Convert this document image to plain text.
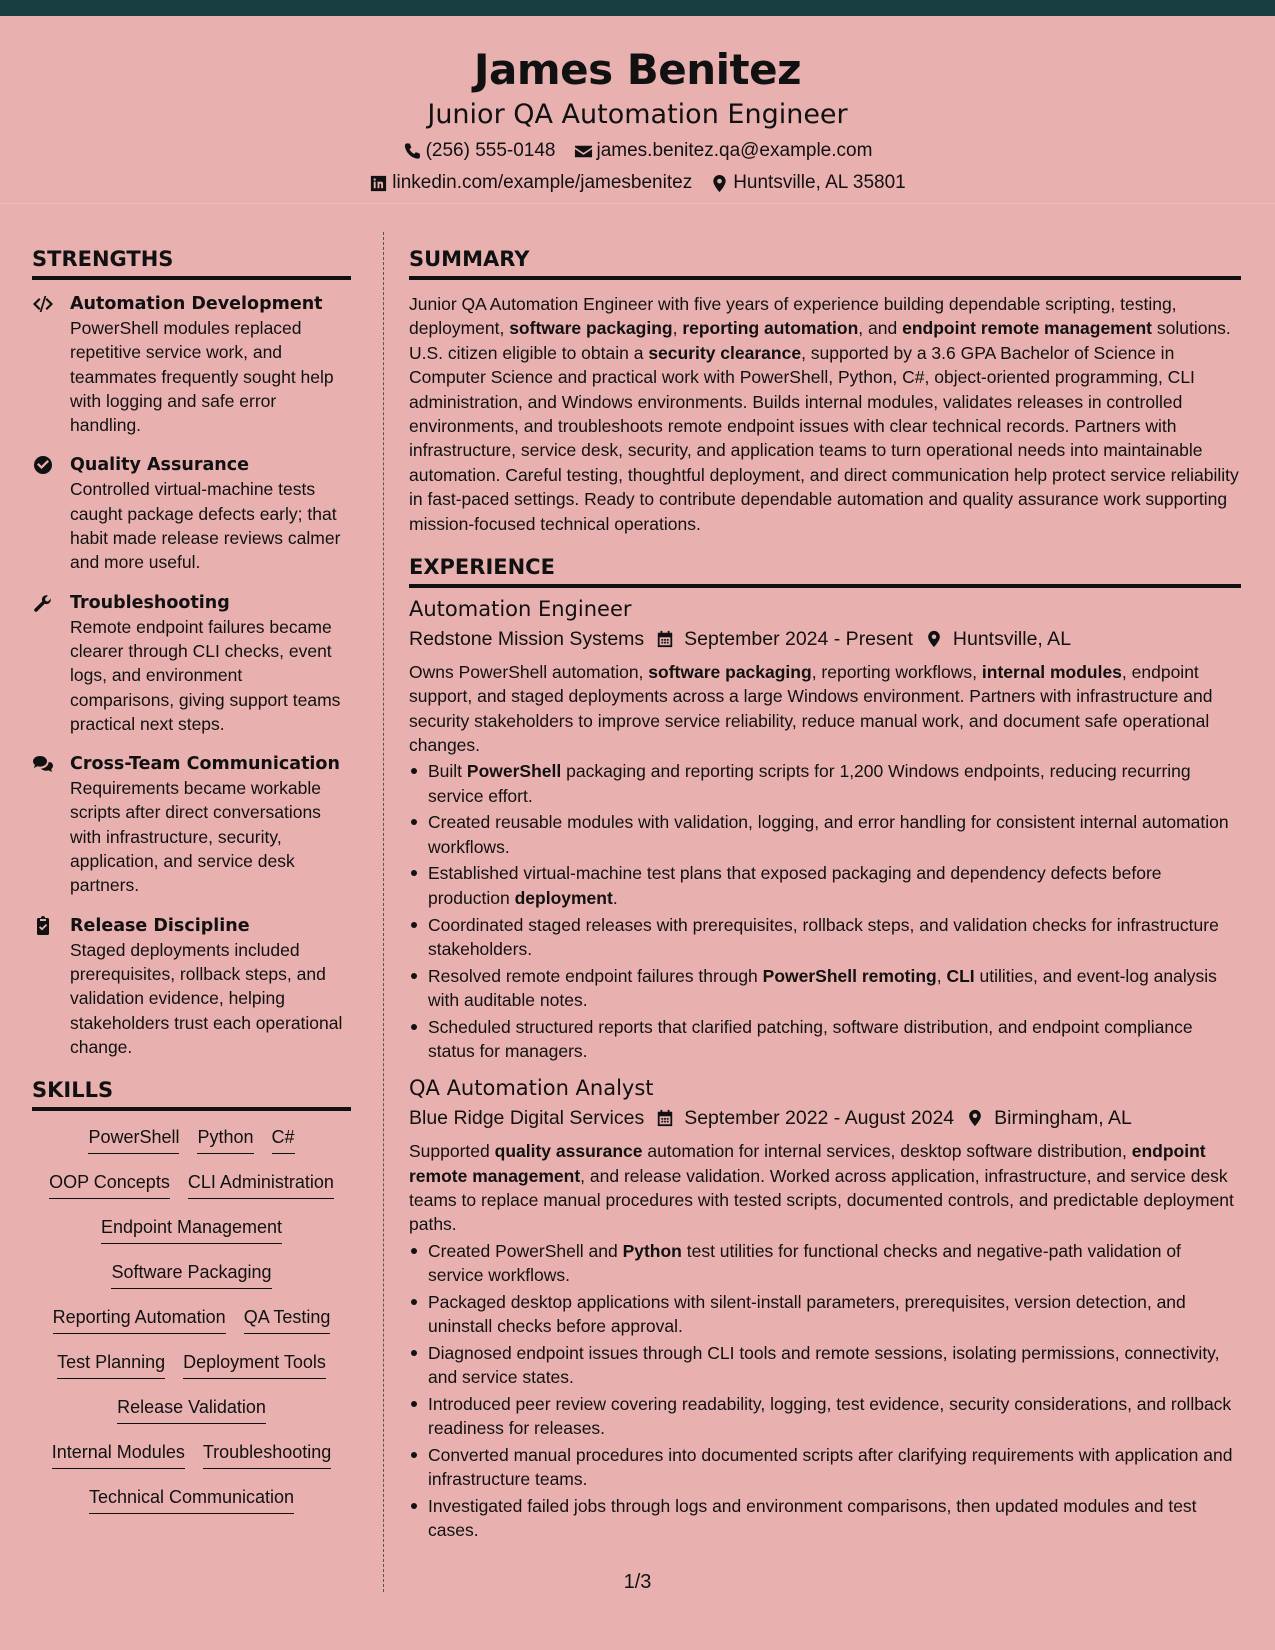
James Benitez
Junior QA Automation Engineer
(256) 555-0148 james.benitez.qa@example.com
linkedin.com/example/jamesbenitez Huntsville, AL 35801
STRENGTHS
Automation Development
PowerShell modules replaced repetitive service work, and teammates frequently sought help with logging and safe error handling.
Quality Assurance
Controlled virtual-machine tests caught package defects early; that habit made release reviews calmer and more useful.
Troubleshooting
Remote endpoint failures became clearer through CLI checks, event logs, and environment comparisons, giving support teams practical next steps.
Cross-Team Communication
Requirements became workable scripts after direct conversations with infrastructure, security, application, and service desk partners.
Release Discipline
Staged deployments included prerequisites, rollback steps, and validation evidence, helping stakeholders trust each operational change.
SKILLS
PowerShell Python C#
OOP Concepts CLI Administration
Endpoint Management
Software Packaging
Reporting Automation QA Testing
Test Planning Deployment Tools
Release Validation
Internal Modules Troubleshooting
Technical Communication
SUMMARY
Junior QA Automation Engineer with five years of experience building dependable scripting, testing, deployment, software packaging, reporting automation, and endpoint remote management solutions. U.S. citizen eligible to obtain a security clearance, supported by a 3.6 GPA Bachelor of Science in Computer Science and practical work with PowerShell, Python, C#, object-oriented programming, CLI administration, and Windows environments. Builds internal modules, validates releases in controlled environments, and troubleshoots remote endpoint issues with clear technical records. Partners with infrastructure, service desk, security, and application teams to turn operational needs into maintainable automation. Careful testing, thoughtful deployment, and direct communication help protect service reliability in fast-paced settings. Ready to contribute dependable automation and quality assurance work supporting mission-focused technical operations.
EXPERIENCE
Automation Engineer
Redstone Mission Systems September 2024 - Present Huntsville, AL
Owns PowerShell automation, software packaging, reporting workflows, internal modules, endpoint support, and staged deployments across a large Windows environment. Partners with infrastructure and security stakeholders to improve service reliability, reduce manual work, and document safe operational changes.
Built PowerShell packaging and reporting scripts for 1,200 Windows endpoints, reducing recurring service effort.
Created reusable modules with validation, logging, and error handling for consistent internal automation workflows.
Established virtual-machine test plans that exposed packaging and dependency defects before production deployment.
Coordinated staged releases with prerequisites, rollback steps, and validation checks for infrastructure stakeholders.
Resolved remote endpoint failures through PowerShell remoting, CLI utilities, and event-log analysis with auditable notes.
Scheduled structured reports that clarified patching, software distribution, and endpoint compliance status for managers.
QA Automation Analyst
Blue Ridge Digital Services September 2022 - August 2024 Birmingham, AL
Supported quality assurance automation for internal services, desktop software distribution, endpoint remote management, and release validation. Worked across application, infrastructure, and service desk teams to replace manual procedures with tested scripts, documented controls, and predictable deployment paths.
Created PowerShell and Python test utilities for functional checks and negative-path validation of service workflows.
Packaged desktop applications with silent-install parameters, prerequisites, version detection, and uninstall checks before approval.
Diagnosed endpoint issues through CLI tools and remote sessions, isolating permissions, connectivity, and service states.
Introduced peer review covering readability, logging, test evidence, security considerations, and rollback readiness for releases.
Converted manual procedures into documented scripts after clarifying requirements with application and infrastructure teams.
Investigated failed jobs through logs and environment comparisons, then updated modules and test cases.
1/3
